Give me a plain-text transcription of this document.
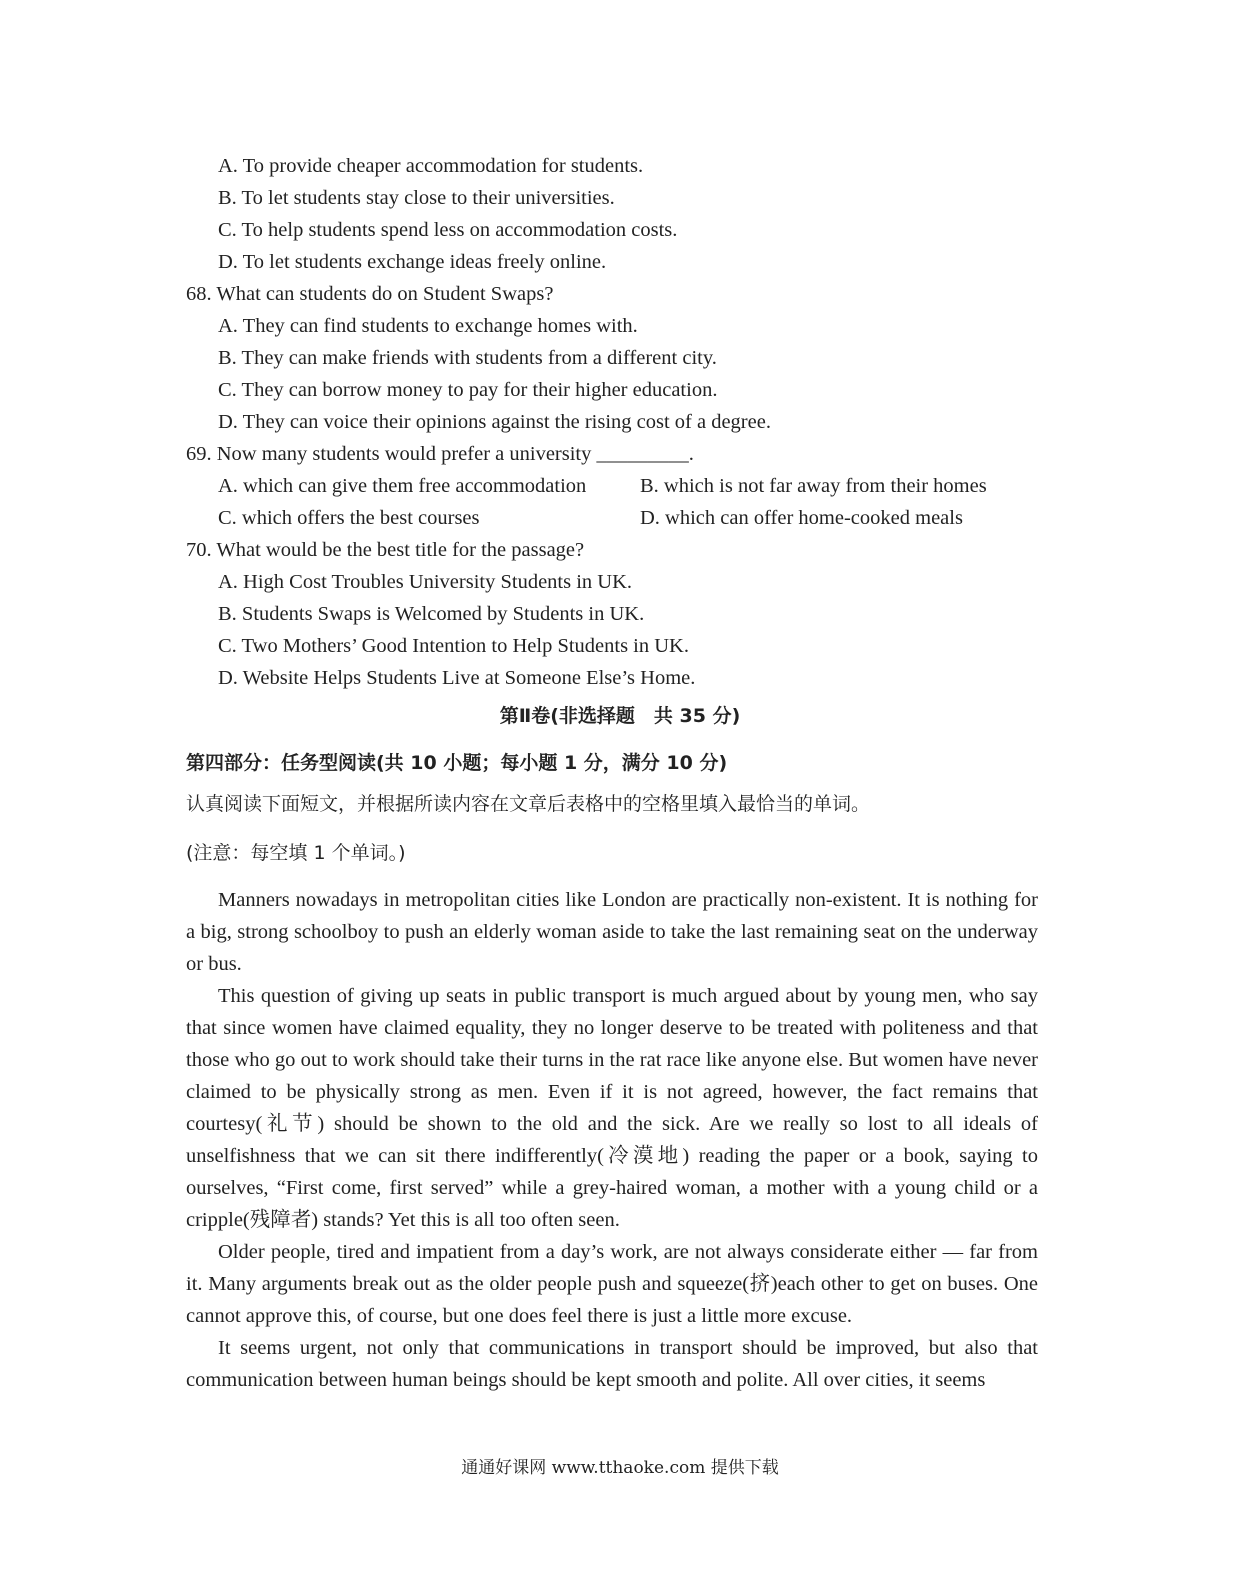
A. To provide cheaper accommodation for students.
B. To let students stay close to their universities.
C. To help students spend less on accommodation costs.
D. To let students exchange ideas freely online.
68. What can students do on Student Swaps?
A. They can find students to exchange homes with.
B. They can make friends with students from a different city.
C. They can borrow money to pay for their higher education.
D. They can voice their opinions against the rising cost of a degree.
69. Now many students would prefer a university _________.
A. which can give them free accommodation	B. which is not far away from their homes
C. which offers the best courses	D. which can offer home-cooked meals
70. What would be the best title for the passage?
A. High Cost Troubles University Students in UK.
B. Students Swaps is Welcomed by Students in UK.
C. Two Mothers’ Good Intention to Help Students in UK.
D. Website Helps Students Live at Someone Else’s Home.
第Ⅱ卷(非选择题　共 35 分)
第四部分：任务型阅读(共 10 小题；每小题 1 分，满分 10 分)
认真阅读下面短文，并根据所读内容在文章后表格中的空格里填入最恰当的单词。
(注意：每空填 1 个单词。)
Manners nowadays in metropolitan cities like London are practically non-existent. It is nothing for a big, strong schoolboy to push an elderly woman aside to take the last remaining seat on the underway or bus.
This question of giving up seats in public transport is much argued about by young men, who say that since women have claimed equality, they no longer deserve to be treated with politeness and that those who go out to work should take their turns in the rat race like anyone else. But women have never claimed to be physically strong as men. Even if it is not agreed, however, the fact remains that courtesy(礼节) should be shown to the old and the sick. Are we really so lost to all ideals of unselfishness that we can sit there indifferently(冷漠地) reading the paper or a book, saying to ourselves, “First come, first served” while a grey-haired woman, a mother with a young child or a cripple(残障者) stands? Yet this is all too often seen.
Older people, tired and impatient from a day’s work, are not always considerate either — far from it. Many arguments break out as the older people push and squeeze(挤)each other to get on buses. One cannot approve this, of course, but one does feel there is just a little more excuse.
It seems urgent, not only that communications in transport should be improved, but also that communication between human beings should be kept smooth and polite. All over cities, it seems
通通好课网 www.tthaoke.com 提供下载
